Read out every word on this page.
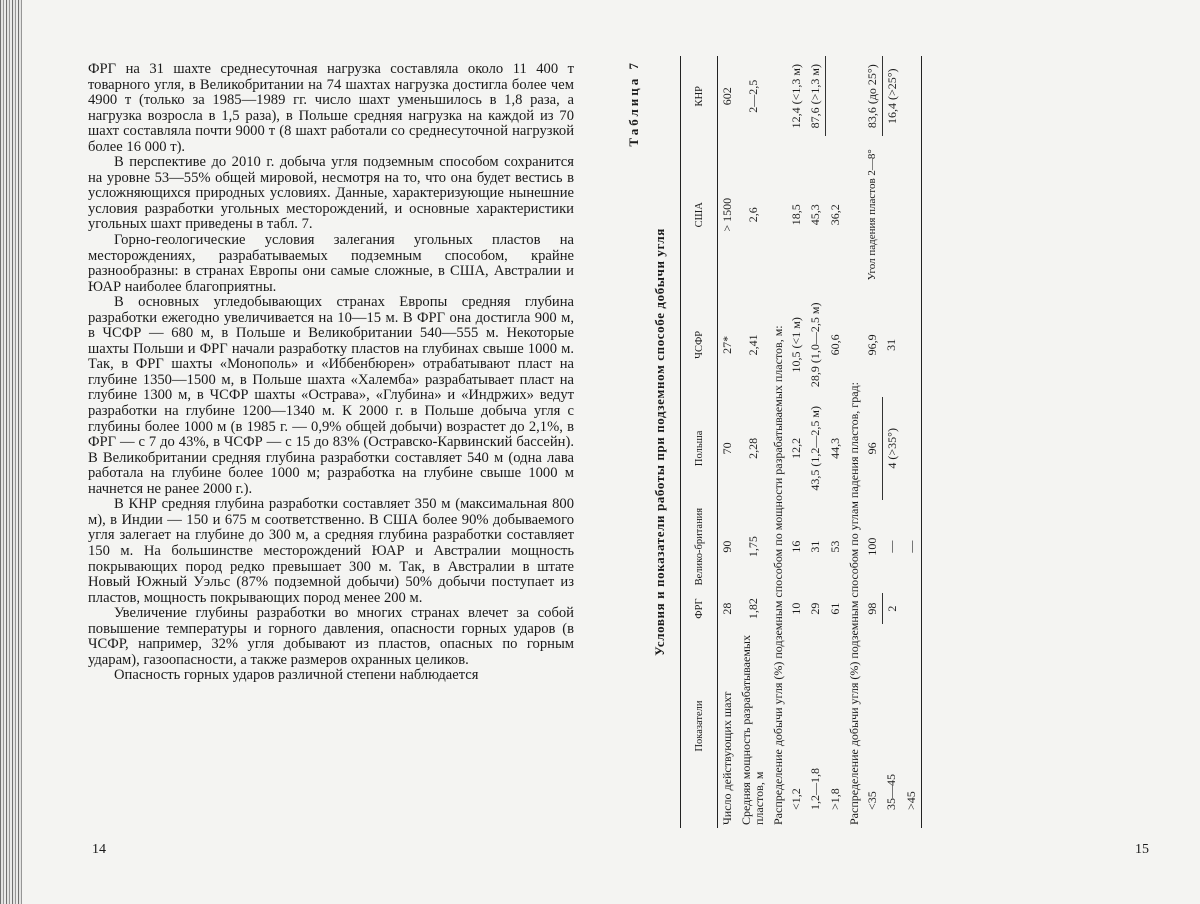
ФРГ на 31 шахте среднесуточная нагрузка составляла около 11 400 т товарного угля, в Великобритании на 74 шахтах нагрузка достигла более чем 4900 т (только за 1985—1989 гг. число шахт уменьшилось в 1,8 раза, а нагрузка возросла в 1,5 раза), в Польше средняя нагрузка на каждой из 70 шахт составляла почти 9000 т (8 шахт работали со среднесуточной нагрузкой более 16 000 т).

В перспективе до 2010 г. добыча угля подземным способом сохранится на уровне 53—55% общей мировой, несмотря на то, что она будет вестись в усложняющихся природных условиях. Данные, характеризующие нынешние условия разработки угольных месторождений, и основные характеристики угольных шахт приведены в табл. 7.

Горно-геологические условия залегания угольных пластов на месторождениях, разрабатываемых подземным способом, крайне разнообразны: в странах Европы они самые сложные, в США, Австралии и ЮАР наиболее благоприятны.

В основных угледобывающих странах Европы средняя глубина разработки ежегодно увеличивается на 10—15 м. В ФРГ она достигла 900 м, в ЧСФР — 680 м, в Польше и Великобритании 540—555 м. Некоторые шахты Польши и ФРГ начали разработку пластов на глубинах свыше 1000 м. Так, в ФРГ шахты «Монополь» и «Иббенбюрен» отрабатывают пласт на глубине 1350—1500 м, в Польше шахта «Халемба» разрабатывает пласт на глубине 1300 м, в ЧСФР шахты «Острава», «Глубина» и «Индржих» ведут разработки на глубине 1200—1340 м. К 2000 г. в Польше добыча угля с глубины более 1000 м (в 1985 г. — 0,9% общей добычи) возрастет до 2,1%, в ФРГ — с 7 до 43%, в ЧСФР — с 15 до 83% (Остравско-Карвинский бассейн). В Великобритании средняя глубина разработки составляет 540 м (одна лава работала на глубине более 1000 м; разработка на глубине свыше 1000 м начнется не ранее 2000 г.).

В КНР средняя глубина разработки составляет 350 м (максимальная 800 м), в Индии — 150 и 675 м соответственно. В США более 90% добываемого угля залегает на глубине до 300 м, а средняя глубина разработки составляет 150 м. На большинстве месторождений ЮАР и Австралии мощность покрывающих пород редко превышает 300 м. Так, в Австралии в штате Новый Южный Уэльс (87% подземной добычи) 50% добычи поступает из пластов, мощность покрывающих пород менее 200 м.

Увеличение глубины разработки во многих странах влечет за собой повышение температуры и горного давления, опасности горных ударов (в ЧСФР, например, 32% угля добывают из пластов, опасных по горным ударам), газоопасности, а также размеров охранных целиков.

Опасность горных ударов различной степени наблюдается

14
Таблица 7
Условия и показатели работы при подземном способе добычи угля
Показатели	ФРГ	Велико-британия	Польша	ЧСФР	США	КНР
Число действующих шахт	28	90	70	27*	> 1500	602
Средняя мощность разрабатываемых пластов, м	1,82	1,75	2,28	2,41	2,6	2—2,5
Распределение добычи угля (%) подземным способом по мощности разрабатываемых пластов, м:						
<1,2	10	16	12,2	10,5 (<1 м)	18,5	12,4 (<1,3 м)
1,2—1,8	29	31	43,5 (1,2—2,5 м)	28,9 (1,0—2,5 м)	45,3	87,6 (>1,3 м)
>1,8	61	53	44,3	60,6	36,2	
Распределение добычи угля (%) подземным способом по углам падения пластов, град:						
<35	98	100	96	96,9	Угол падения пластов 2—8°	83,6 (до 25°)
35—45	2	—	4 (>35°)	31		16,4 (>25°)
>45		—				
15
